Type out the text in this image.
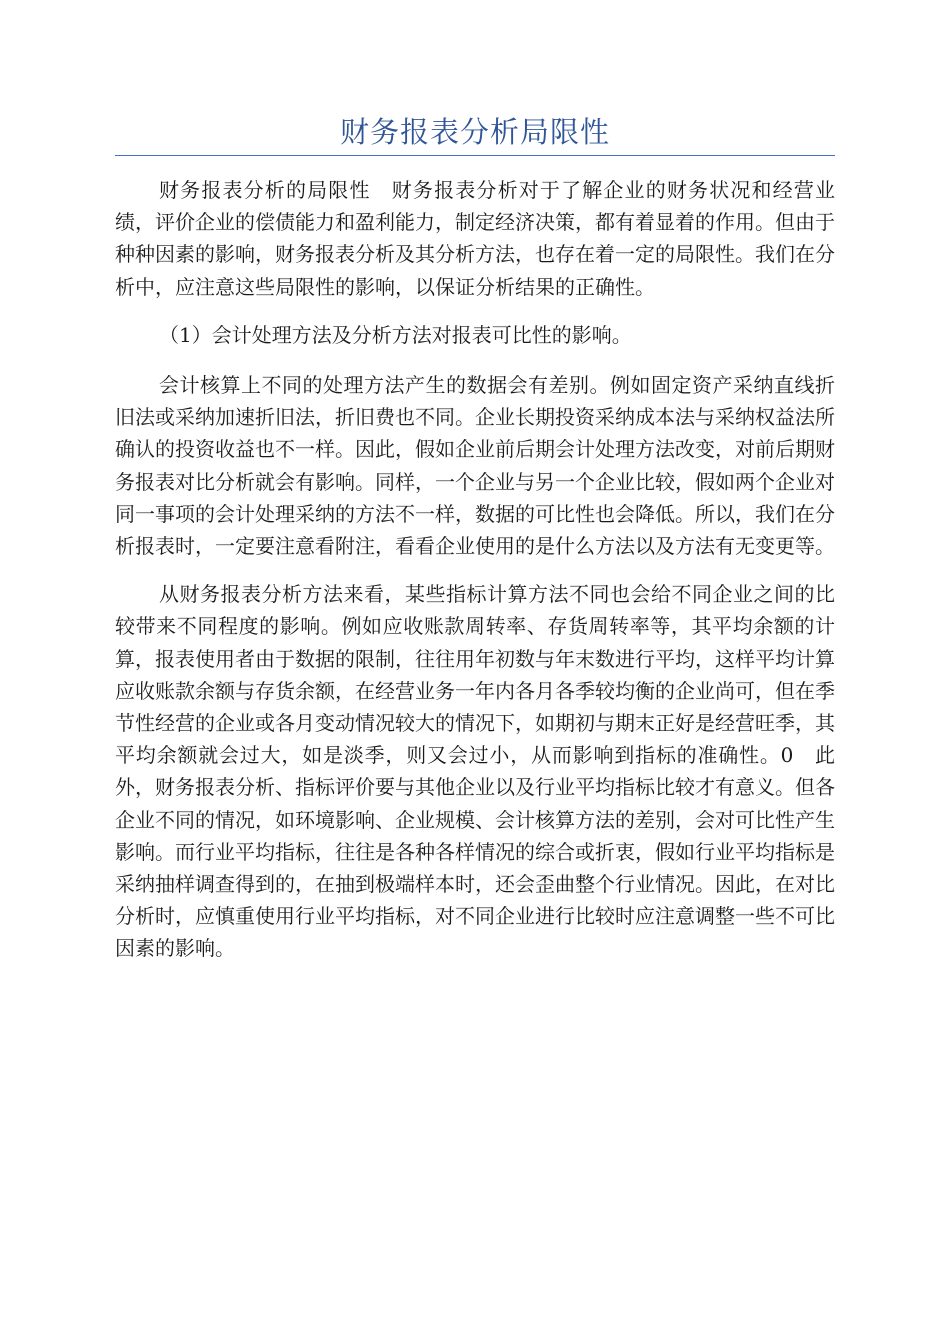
财务报表分析局限性

财务报表分析的局限性　财务报表分析对于了解企业的财务状况和经营业绩，评价企业的偿债能力和盈利能力，制定经济决策，都有着显着的作用。但由于种种因素的影响，财务报表分析及其分析方法，也存在着一定的局限性。我们在分析中，应注意这些局限性的影响，以保证分析结果的正确性。

（1）会计处理方法及分析方法对报表可比性的影响。

会计核算上不同的处理方法产生的数据会有差别。例如固定资产采纳直线折旧法或采纳加速折旧法，折旧费也不同。企业长期投资采纳成本法与采纳权益法所确认的投资收益也不一样。因此，假如企业前后期会计处理方法改变，对前后期财务报表对比分析就会有影响。同样，一个企业与另一个企业比较，假如两个企业对同一事项的会计处理采纳的方法不一样，数据的可比性也会降低。所以，我们在分析报表时，一定要注意看附注，看看企业使用的是什么方法以及方法有无变更等。

从财务报表分析方法来看，某些指标计算方法不同也会给不同企业之间的比较带来不同程度的影响。例如应收账款周转率、存货周转率等，其平均余额的计算，报表使用者由于数据的限制，往往用年初数与年末数进行平均，这样平均计算应收账款余额与存货余额，在经营业务一年内各月各季较均衡的企业尚可，但在季节性经营的企业或各月变动情况较大的情况下，如期初与期末正好是经营旺季，其平均余额就会过大，如是淡季，则又会过小，从而影响到指标的准确性。0　此外，财务报表分析、指标评价要与其他企业以及行业平均指标比较才有意义。但各企业不同的情况，如环境影响、企业规模、会计核算方法的差别，会对可比性产生影响。而行业平均指标，往往是各种各样情况的综合或折衷，假如行业平均指标是采纳抽样调查得到的，在抽到极端样本时，还会歪曲整个行业情况。因此，在对比分析时，应慎重使用行业平均指标，对不同企业进行比较时应注意调整一些不可比因素的影响。
